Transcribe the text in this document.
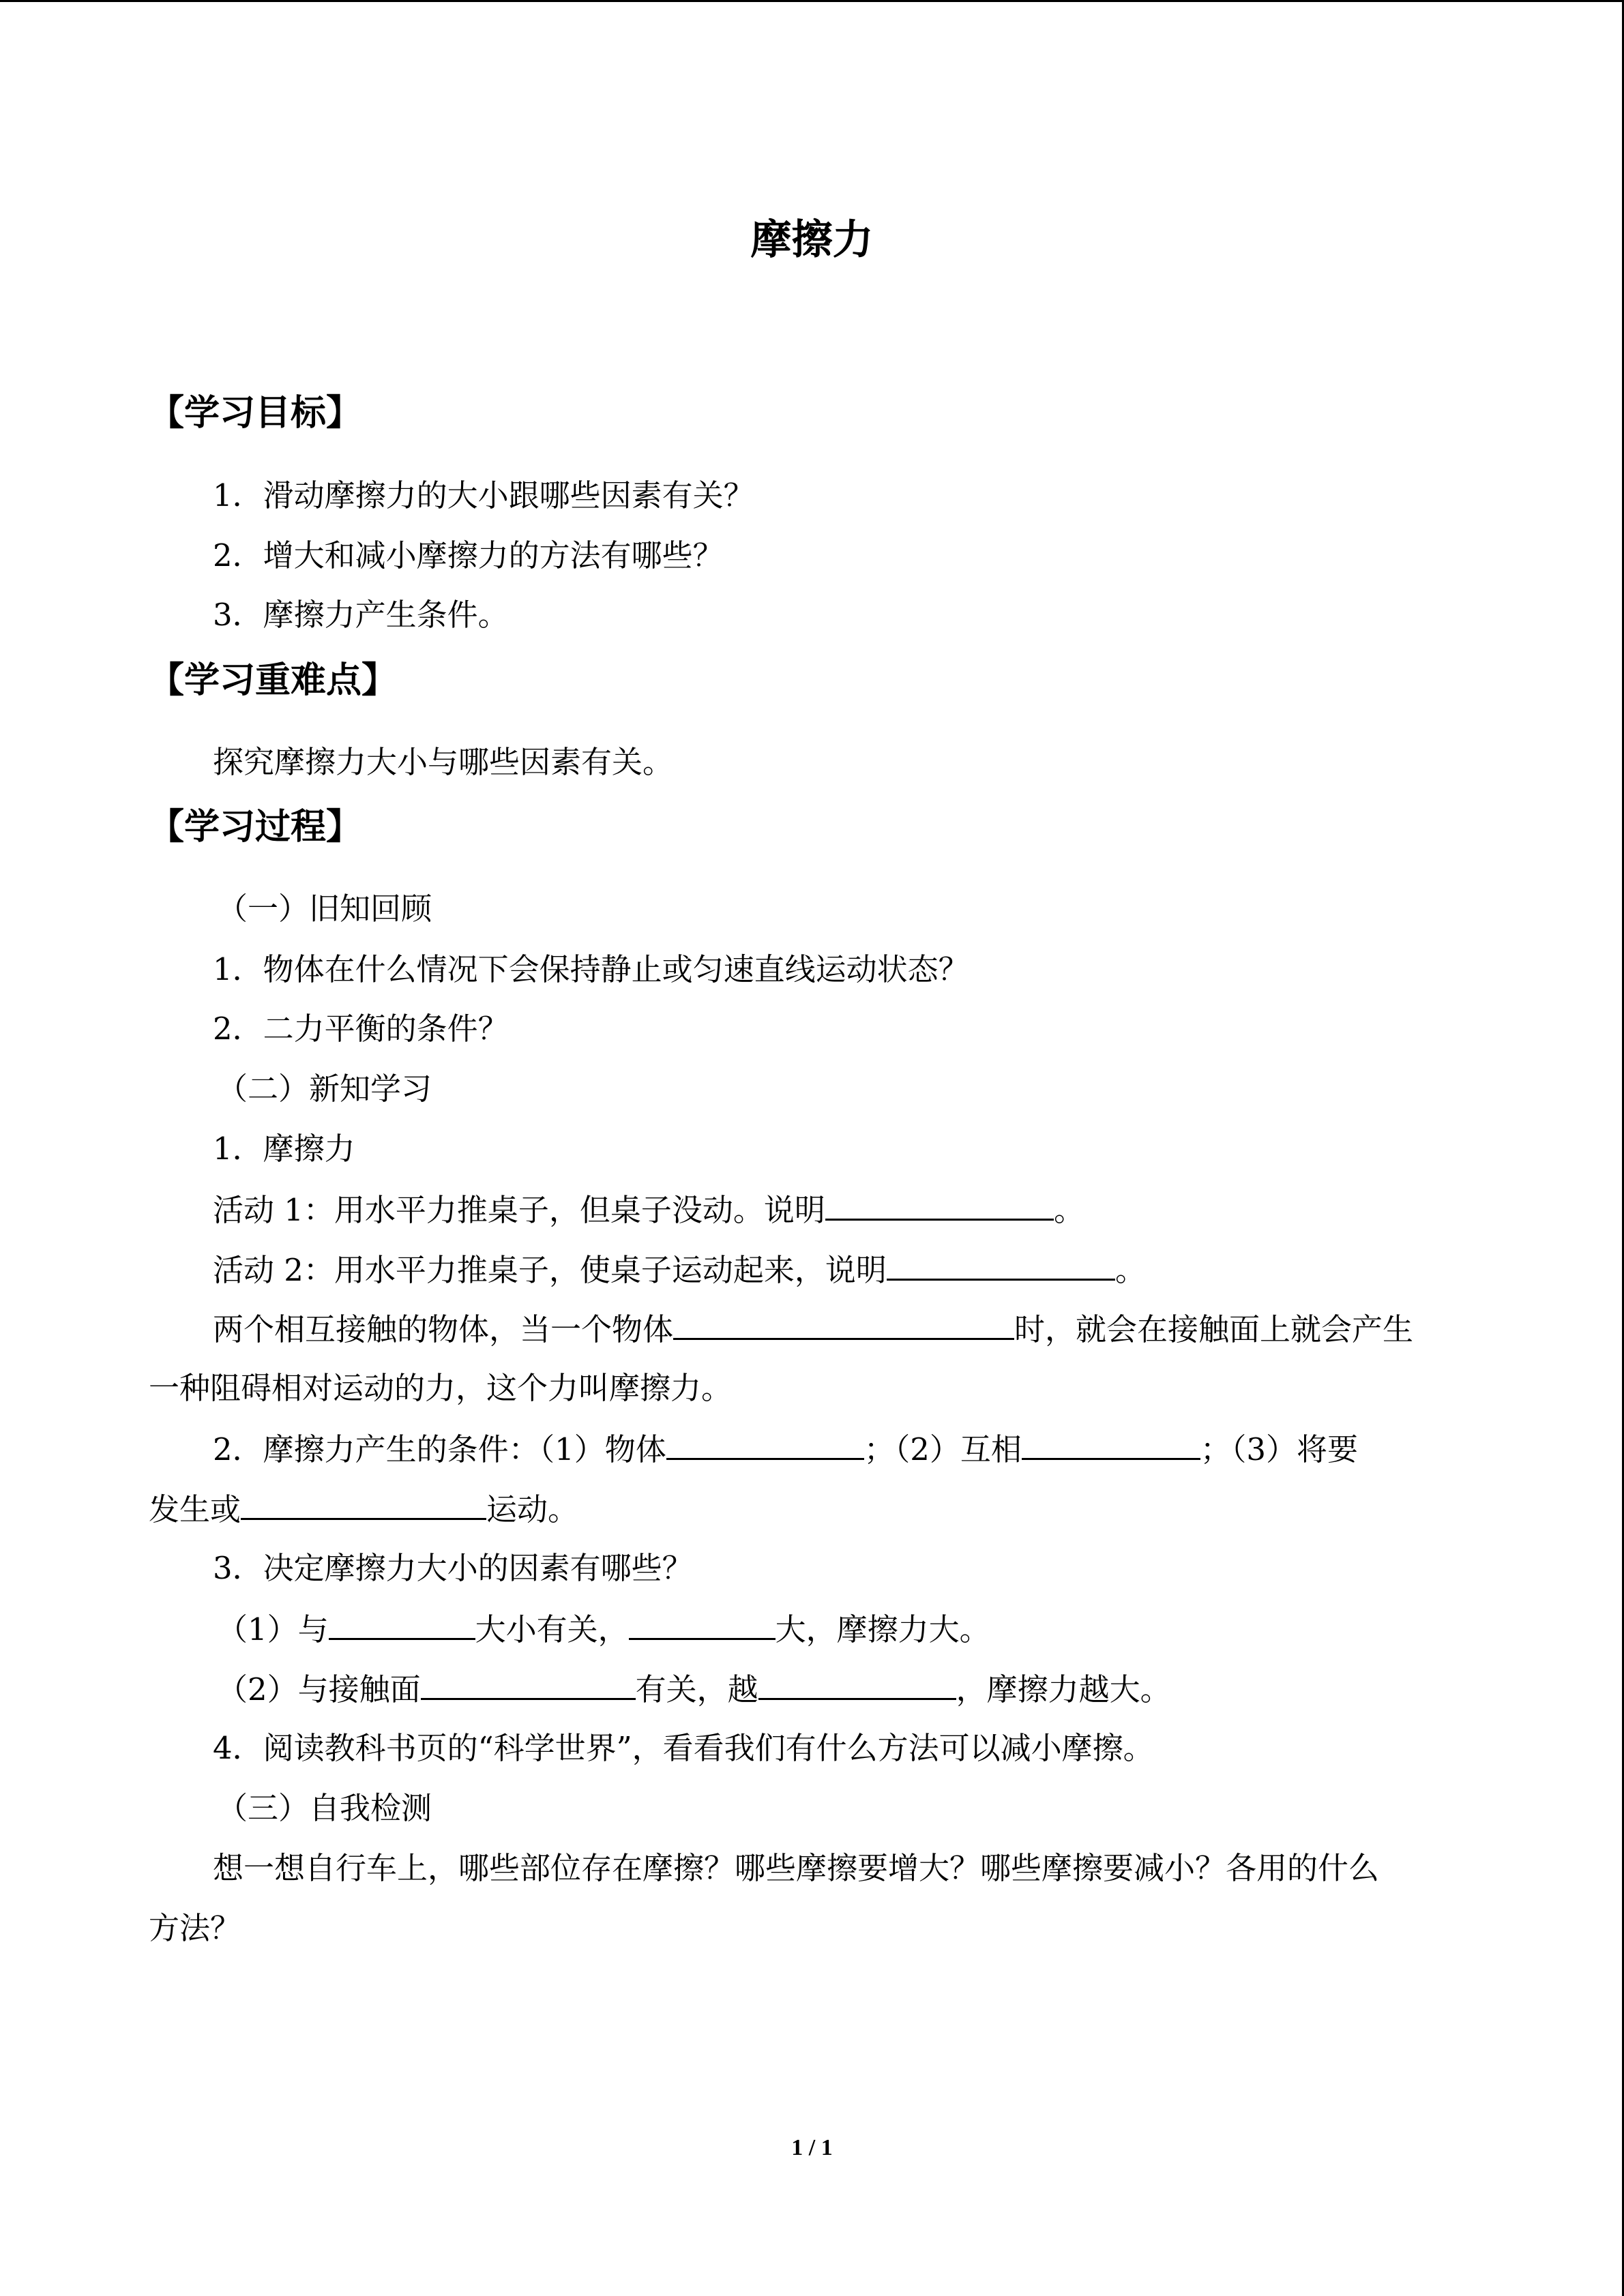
摩擦力
【学习目标】
1．滑动摩擦力的大小跟哪些因素有关？
2．增大和减小摩擦力的方法有哪些？
3．摩擦力产生条件。
【学习重难点】
探究摩擦力大小与哪些因素有关。
【学习过程】
（一）旧知回顾
1．物体在什么情况下会保持静止或匀速直线运动状态？
2．二力平衡的条件？
（二）新知学习
1．摩擦力
活动 1：用水平力推桌子，但桌子没动。说明	。
活动 2：用水平力推桌子，使桌子运动起来，说明	。
两个相互接触的物体，当一个物体	时，就会在接触面上就会产生
一种阻碍相对运动的力，这个力叫摩擦力。
2．摩擦力产生的条件：（1）物体	；（2）互相	；（3）将要
发生或	运动。
3．决定摩擦力大小的因素有哪些？
（1）与	大小有关，	大，摩擦力大。
（2）与接触面	有关，越	，摩擦力越大。
4．阅读教科书页的“科学世界”，看看我们有什么方法可以减小摩擦。
（三）自我检测
想一想自行车上，哪些部位存在摩擦？哪些摩擦要增大？哪些摩擦要减小？各用的什么
方法？
1 / 1
